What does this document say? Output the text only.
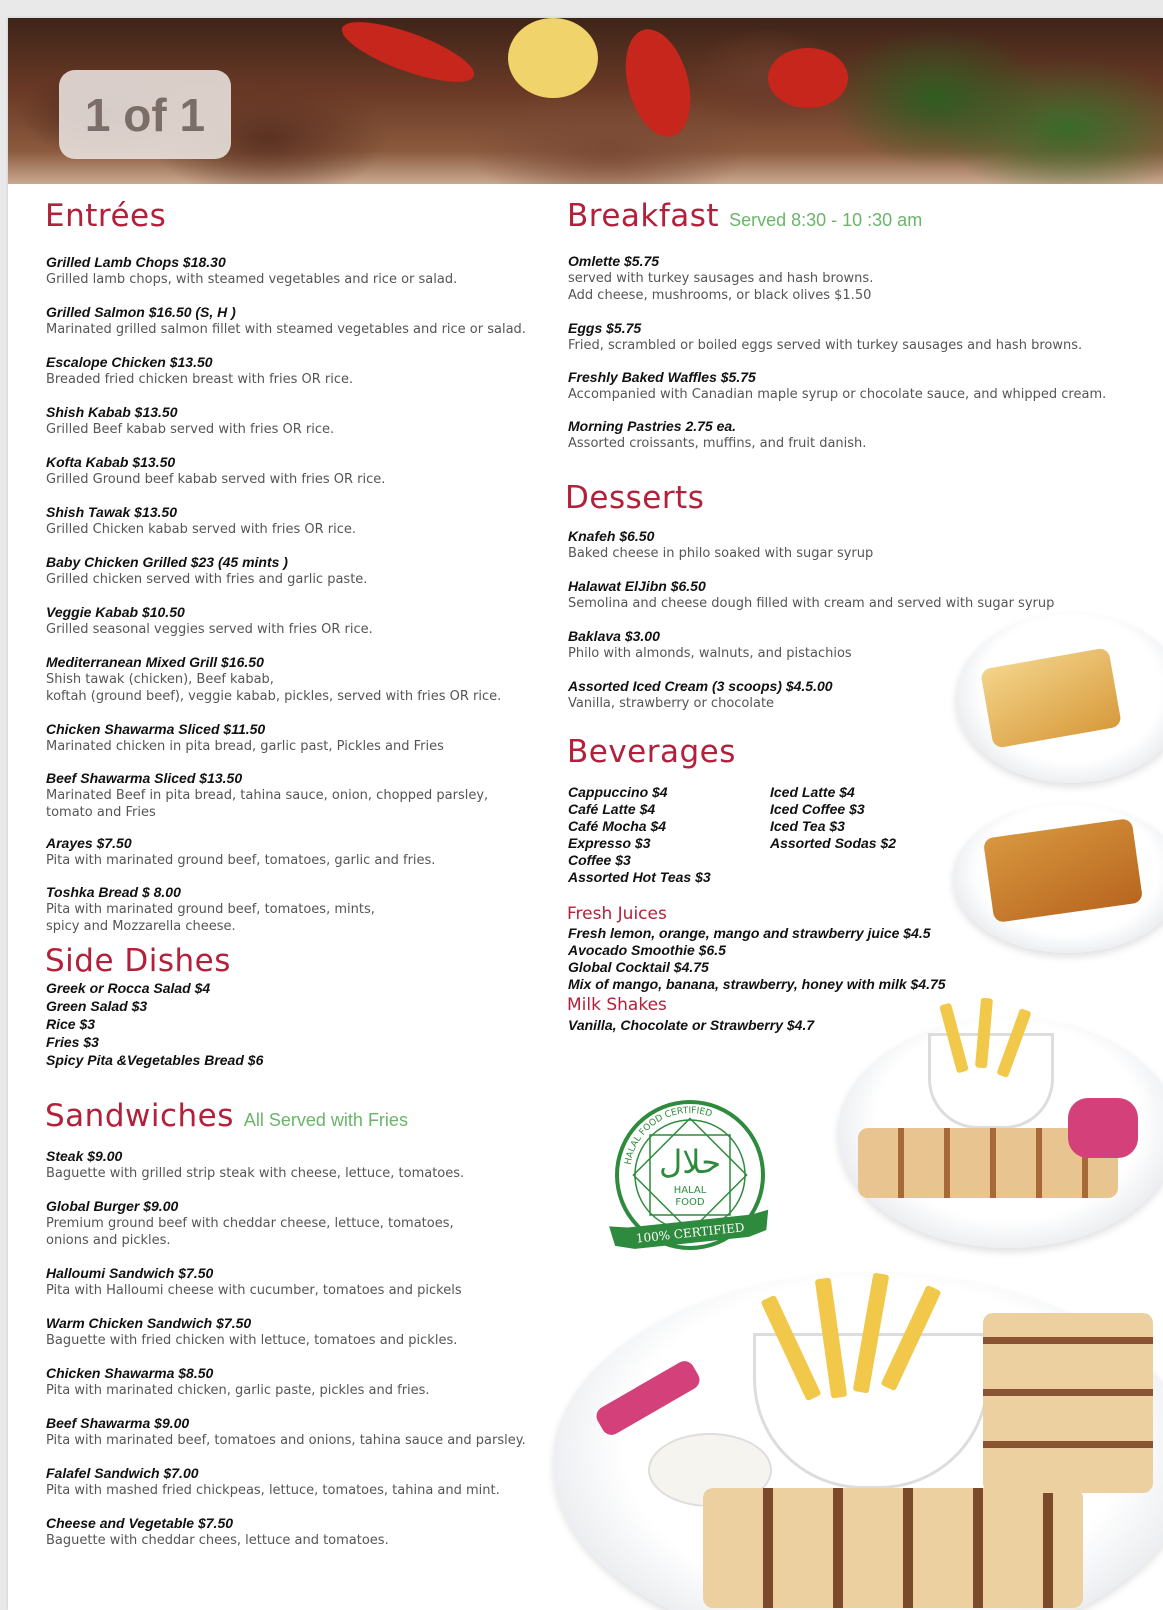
1 of 1
Entrées
Grilled Lamb Chops $18.30
Grilled lamb chops, with steamed vegetables and rice or salad.
Grilled Salmon $16.50 (S, H )
Marinated grilled salmon fillet with steamed vegetables and rice or salad.
Escalope Chicken $13.50
Breaded fried chicken breast with fries OR rice.
Shish Kabab $13.50
Grilled Beef kabab served with fries OR rice.
Kofta Kabab $13.50
Grilled Ground beef kabab served with fries OR rice.
Shish Tawak $13.50
Grilled Chicken kabab served with fries OR rice.
Baby Chicken Grilled $23 (45 mints )
Grilled chicken served with fries and garlic paste.
Veggie Kabab $10.50
Grilled seasonal veggies served with fries OR rice.
Mediterranean Mixed Grill $16.50
Shish tawak (chicken), Beef kabab,
koftah (ground beef), veggie kabab, pickles, served with fries OR rice.
Chicken Shawarma Sliced $11.50
Marinated chicken in pita bread, garlic past, Pickles and Fries
Beef Shawarma Sliced $13.50
Marinated Beef in pita bread, tahina sauce, onion, chopped parsley,
tomato and Fries
Arayes $7.50
Pita with marinated ground beef, tomatoes, garlic and fries.
Toshka Bread $ 8.00
Pita with marinated ground beef, tomatoes, mints,
spicy and Mozzarella cheese.
Side Dishes
Greek or Rocca Salad $4
Green Salad $3
Rice $3
Fries $3
Spicy Pita &Vegetables Bread $6
Sandwiches All Served with Fries
Steak $9.00
Baguette with grilled strip steak with cheese, lettuce, tomatoes.
Global Burger $9.00
Premium ground beef with cheddar cheese, lettuce, tomatoes,
onions and pickles.
Halloumi Sandwich $7.50
Pita with Halloumi cheese with cucumber, tomatoes and pickels
Warm Chicken Sandwich $7.50
Baguette with fried chicken with lettuce, tomatoes and pickles.
Chicken Shawarma $8.50
Pita with marinated chicken, garlic paste, pickles and fries.
Beef Shawarma $9.00
Pita with marinated beef, tomatoes and onions, tahina sauce and parsley.
Falafel Sandwich $7.00
Pita with mashed fried chickpeas, lettuce, tomatoes, tahina and mint.
Cheese and Vegetable $7.50
Baguette with cheddar chees, lettuce and tomatoes.
Breakfast Served 8:30 - 10 :30 am
Omlette $5.75
served with turkey sausages and hash browns.
Add cheese, mushrooms, or black olives $1.50
Eggs $5.75
Fried, scrambled or boiled eggs served with turkey sausages and hash browns.
Freshly Baked Waffles $5.75
Accompanied with Canadian maple syrup or chocolate sauce, and whipped cream.
Morning Pastries 2.75 ea.
Assorted croissants, muffins, and fruit danish.
Desserts
Knafeh $6.50
Baked cheese in philo soaked with sugar syrup
Halawat ElJibn $6.50
Semolina and cheese dough filled with cream and served with sugar syrup
Baklava $3.00
Philo with almonds, walnuts, and pistachios
Assorted Iced Cream (3 scoops) $4.5.00
Vanilla, strawberry or chocolate
Beverages
Cappuccino $4
Café Latte $4
Café Mocha $4
Expresso $3
Coffee $3
Assorted Hot Teas $3
Iced Latte $4
Iced Coffee $3
Iced Tea $3
Assorted Sodas $2
Fresh Juices
Fresh lemon, orange, mango and strawberry juice $4.5
Avocado Smoothie $6.5
Global Cocktail $4.75
Mix of mango, banana, strawberry, honey with milk $4.75
Milk Shakes
Vanilla, Chocolate or Strawberry $4.7
HALAL FOOD CERTIFIED
حلال
HALAL
FOOD
100% CERTIFIED
